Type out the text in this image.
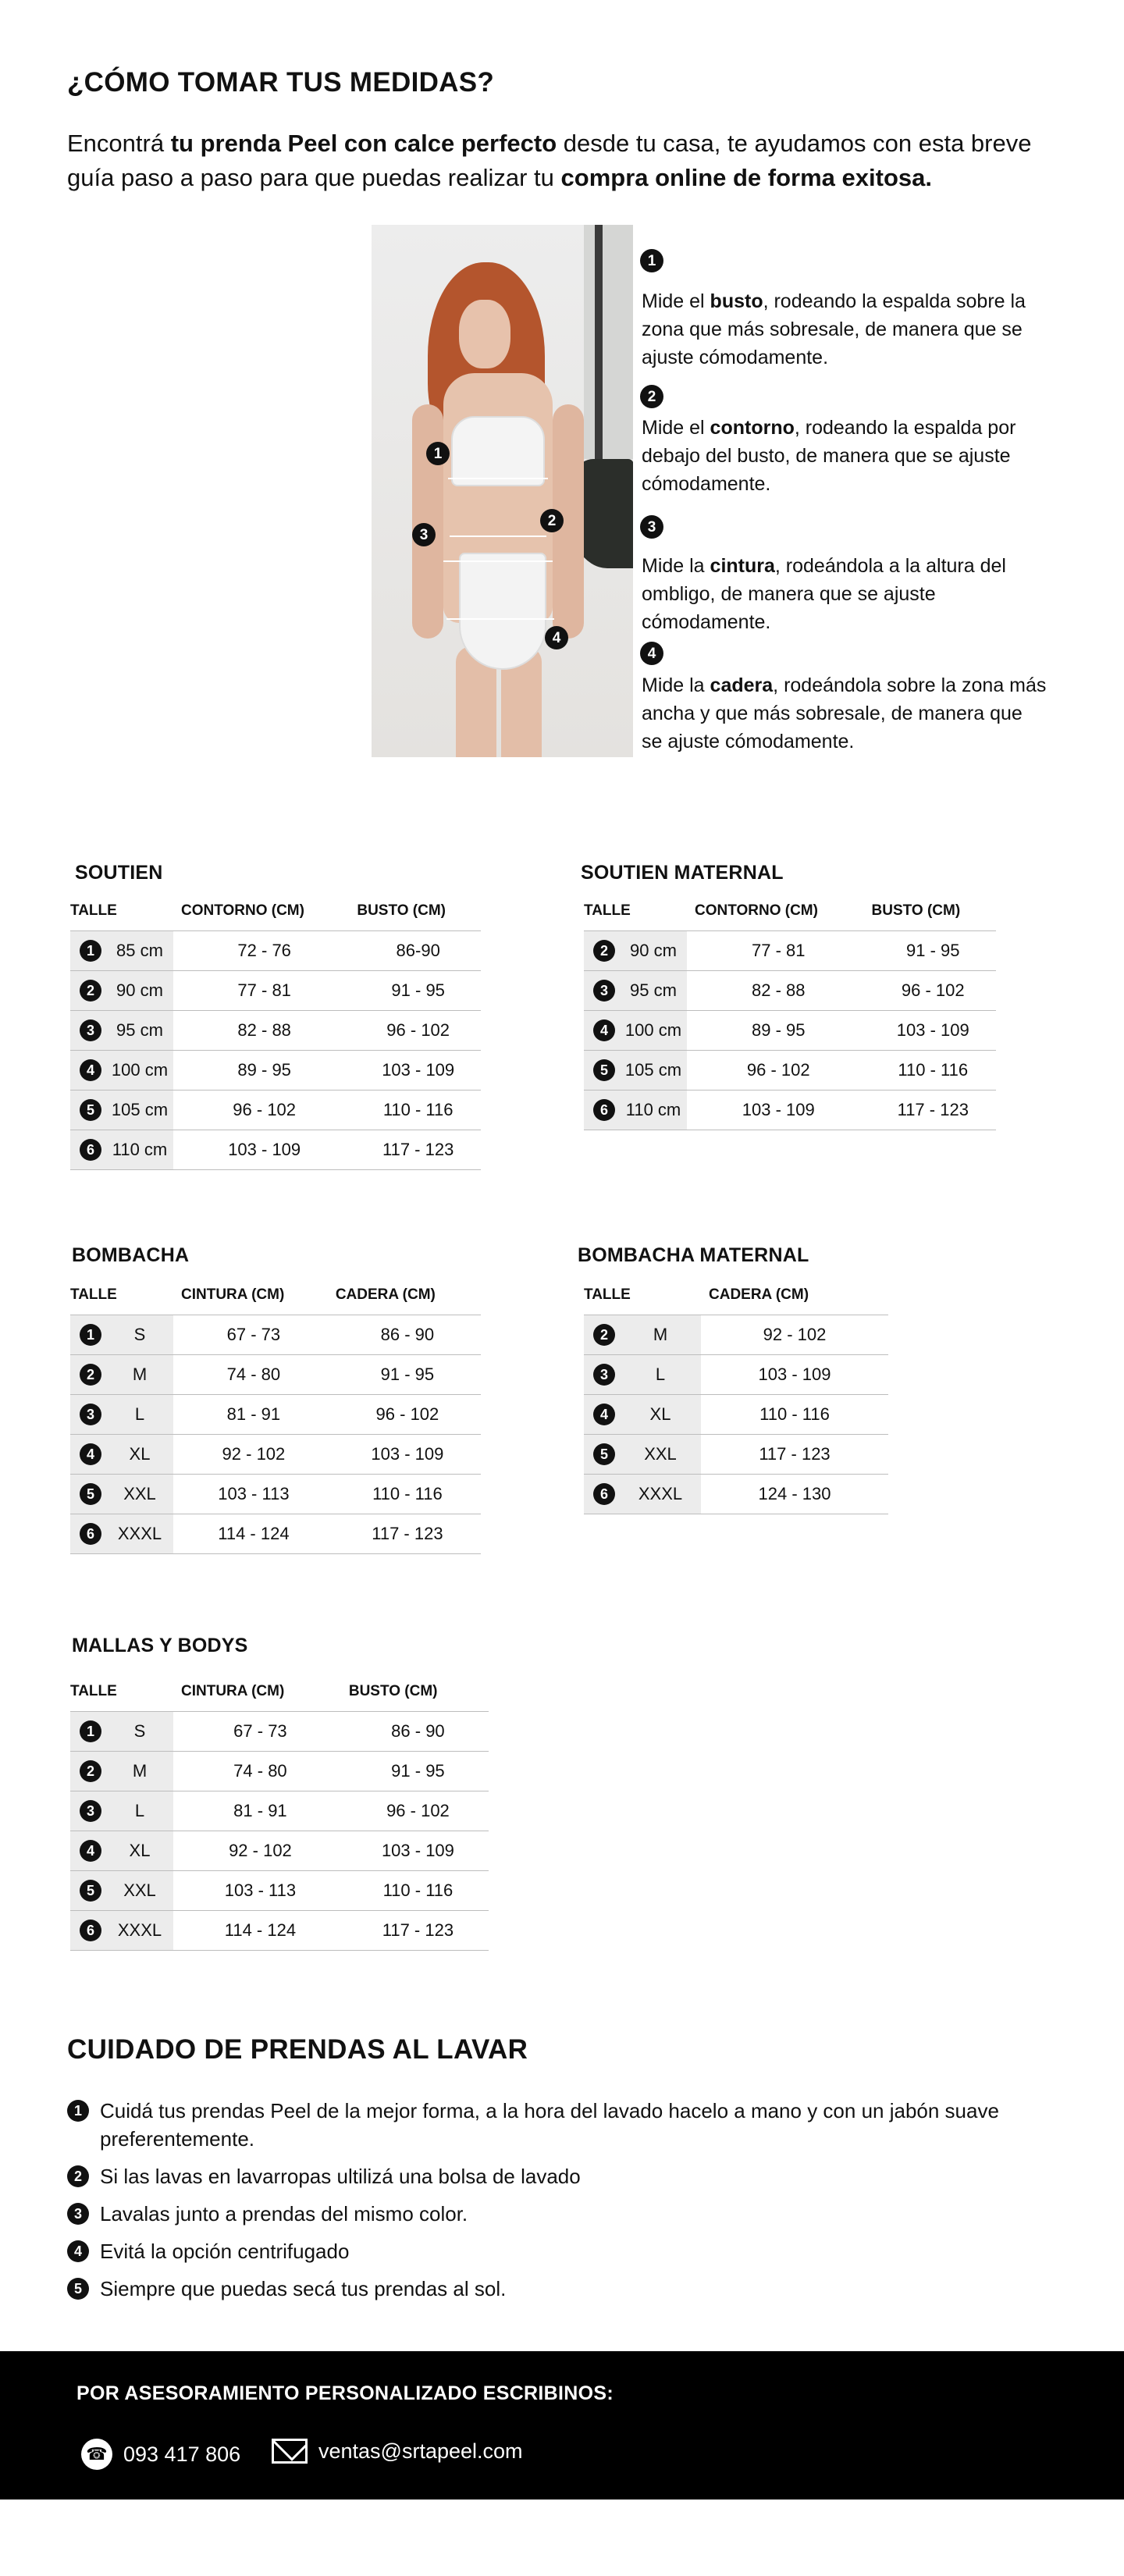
¿CÓMO TOMAR TUS MEDIDAS?

Encontrá tu prenda Peel con calce perfecto desde tu casa, te ayudamos con esta breve guía paso a paso para que puedas realizar tu compra online de forma exitosa.

1
2
3
4
1

Mide el busto, rodeando la espalda sobre la zona que más sobresale, de manera que se ajuste cómodamente.

2

Mide el contorno, rodeando la espalda por debajo del busto, de manera que se ajuste cómodamente.

3

Mide la cintura, rodeándola a la altura del ombligo, de manera que se ajuste cómodamente.

4

Mide la cadera, rodeándola sobre la zona más ancha y que más sobresale, de manera que se ajuste cómodamente.

SOUTIEN	SOUTIEN MATERNAL
BOMBACHA	BOMBACHA MATERNAL
MALLAS Y BODYS
TALLE	CONTORNO (CM)	BUSTO (CM)

1 85 cm	72 - 76	86-90

2 90 cm	77 - 81	91 - 95

3 95 cm	82 - 88	96 - 102

4 100 cm	89 - 95	103 - 109

5 105 cm	96 - 102	110 - 116

6 110 cm	103 - 109	117 - 123
TALLE	CONTORNO (CM)	BUSTO (CM)

2 90 cm	77 - 81	91 - 95

3 95 cm	82 - 88	96 - 102

4 100 cm	89 - 95	103 - 109

5 105 cm	96 - 102	110 - 116

6 110 cm	103 - 109	117 - 123
TALLE	CINTURA (CM)	CADERA (CM)

1 S	67 - 73	86 - 90

2 M	74 - 80	91 - 95

3 L	81 - 91	96 - 102

4 XL	92 - 102	103 - 109

5 XXL	103 - 113	110 - 116

6 XXXL	114 - 124	117 - 123
TALLE	CADERA (CM)

2 M	92 - 102

3 L	103 - 109

4 XL	110 - 116

5 XXL	117 - 123

6 XXXL	124 - 130
TALLE	CINTURA (CM)	BUSTO (CM)

1 S	67 - 73	86 - 90

2 M	74 - 80	91 - 95

3 L	81 - 91	96 - 102

4 XL	92 - 102	103 - 109

5 XXL	103 - 113	110 - 116

6 XXXL	114 - 124	117 - 123
CUIDADO DE PRENDAS AL LAVAR
1 Cuidá tus prendas Peel de la mejor forma, a la hora del lavado hacelo a mano y con un jabón suave preferentemente.
2 Si las lavas en lavarropas ultilizá una bolsa de lavado
3 Lavalas junto a prendas del mismo color.
4 Evitá la opción centrifugado
5 Siempre que puedas secá tus prendas al sol.
POR ASESORAMIENTO PERSONALIZADO ESCRIBINOS:
☎
093 417 806	ventas@srtapeel.com
